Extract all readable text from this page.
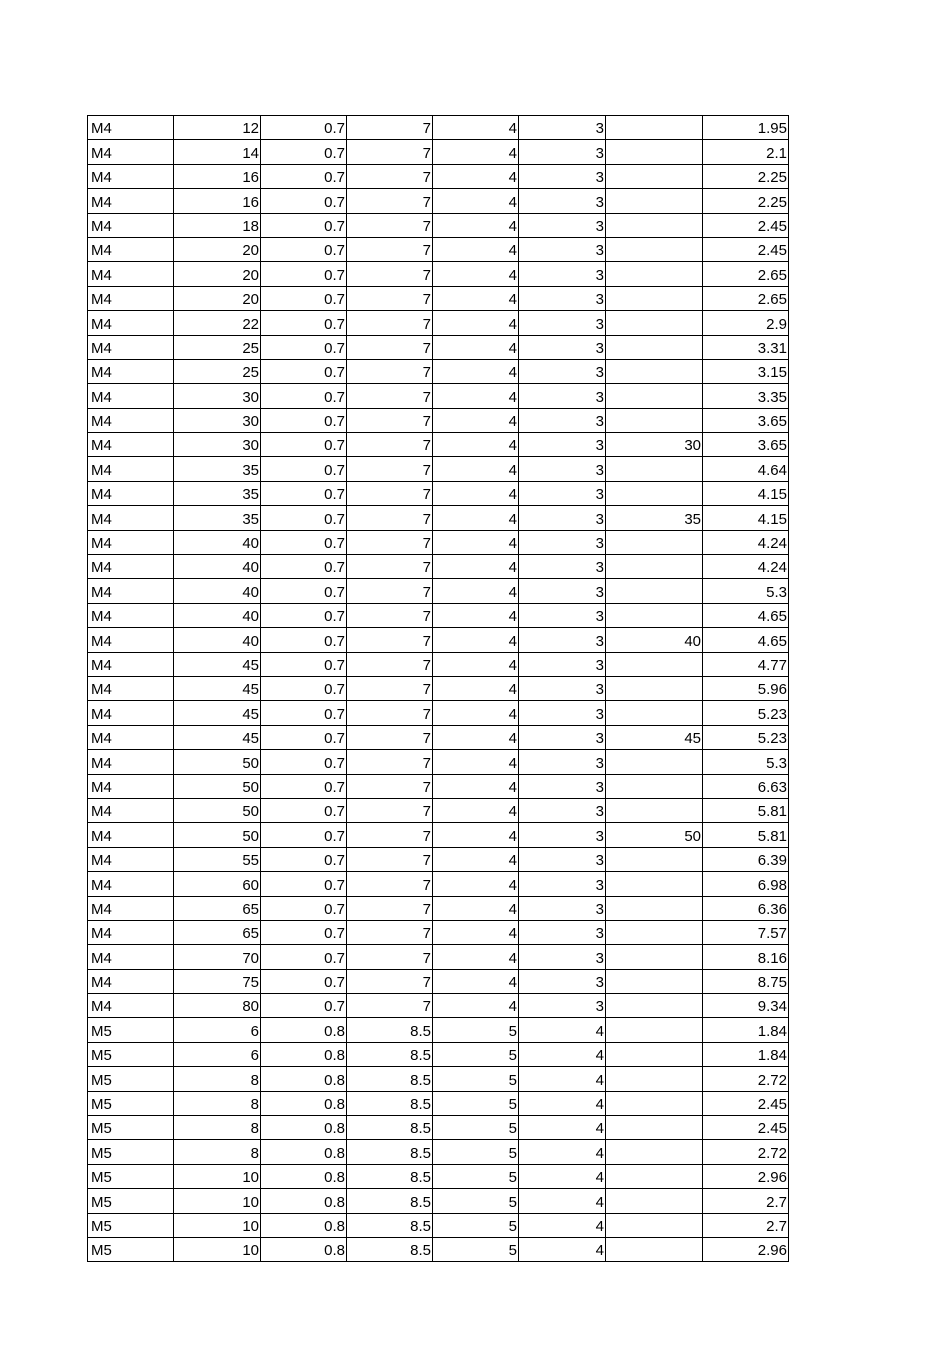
M4	12	0.7	7	4	3		1.95
M4	14	0.7	7	4	3		2.1
M4	16	0.7	7	4	3		2.25
M4	16	0.7	7	4	3		2.25
M4	18	0.7	7	4	3		2.45
M4	20	0.7	7	4	3		2.45
M4	20	0.7	7	4	3		2.65
M4	20	0.7	7	4	3		2.65
M4	22	0.7	7	4	3		2.9
M4	25	0.7	7	4	3		3.31
M4	25	0.7	7	4	3		3.15
M4	30	0.7	7	4	3		3.35
M4	30	0.7	7	4	3		3.65
M4	30	0.7	7	4	3	30	3.65
M4	35	0.7	7	4	3		4.64
M4	35	0.7	7	4	3		4.15
M4	35	0.7	7	4	3	35	4.15
M4	40	0.7	7	4	3		4.24
M4	40	0.7	7	4	3		4.24
M4	40	0.7	7	4	3		5.3
M4	40	0.7	7	4	3		4.65
M4	40	0.7	7	4	3	40	4.65
M4	45	0.7	7	4	3		4.77
M4	45	0.7	7	4	3		5.96
M4	45	0.7	7	4	3		5.23
M4	45	0.7	7	4	3	45	5.23
M4	50	0.7	7	4	3		5.3
M4	50	0.7	7	4	3		6.63
M4	50	0.7	7	4	3		5.81
M4	50	0.7	7	4	3	50	5.81
M4	55	0.7	7	4	3		6.39
M4	60	0.7	7	4	3		6.98
M4	65	0.7	7	4	3		6.36
M4	65	0.7	7	4	3		7.57
M4	70	0.7	7	4	3		8.16
M4	75	0.7	7	4	3		8.75
M4	80	0.7	7	4	3		9.34
M5	6	0.8	8.5	5	4		1.84
M5	6	0.8	8.5	5	4		1.84
M5	8	0.8	8.5	5	4		2.72
M5	8	0.8	8.5	5	4		2.45
M5	8	0.8	8.5	5	4		2.45
M5	8	0.8	8.5	5	4		2.72
M5	10	0.8	8.5	5	4		2.96
M5	10	0.8	8.5	5	4		2.7
M5	10	0.8	8.5	5	4		2.7
M5	10	0.8	8.5	5	4		2.96
